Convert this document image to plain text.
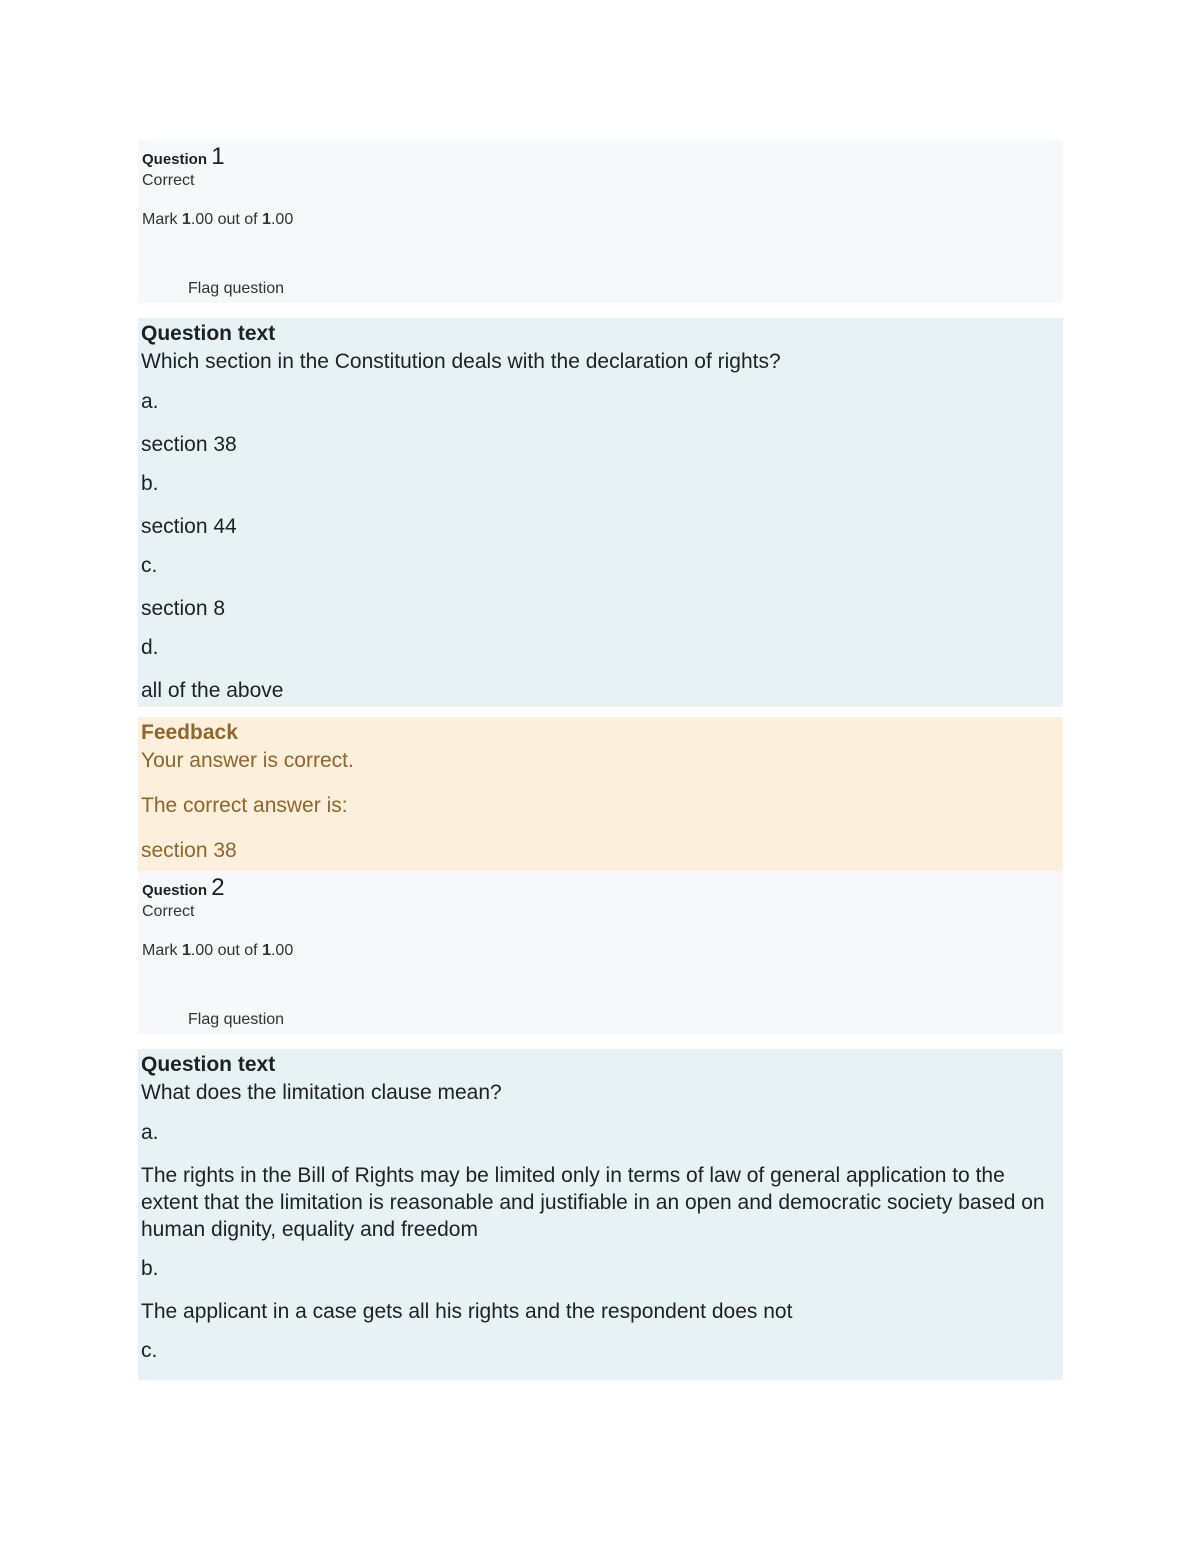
Question 1
Correct
Mark 1.00 out of 1.00
Flag question
Question text
Which section in the Constitution deals with the declaration of rights?
a.
section 38
b.
section 44
c.
section 8
d.
all of the above
Feedback
Your answer is correct.
The correct answer is:
section 38
Question 2
Correct
Mark 1.00 out of 1.00
Flag question
Question text
What does the limitation clause mean?
a.
The rights in the Bill of Rights may be limited only in terms of law of general application to the extent that the limitation is reasonable and justifiable in an open and democratic society based on human dignity, equality and freedom
b.
The applicant in a case gets all his rights and the respondent does not
c.
